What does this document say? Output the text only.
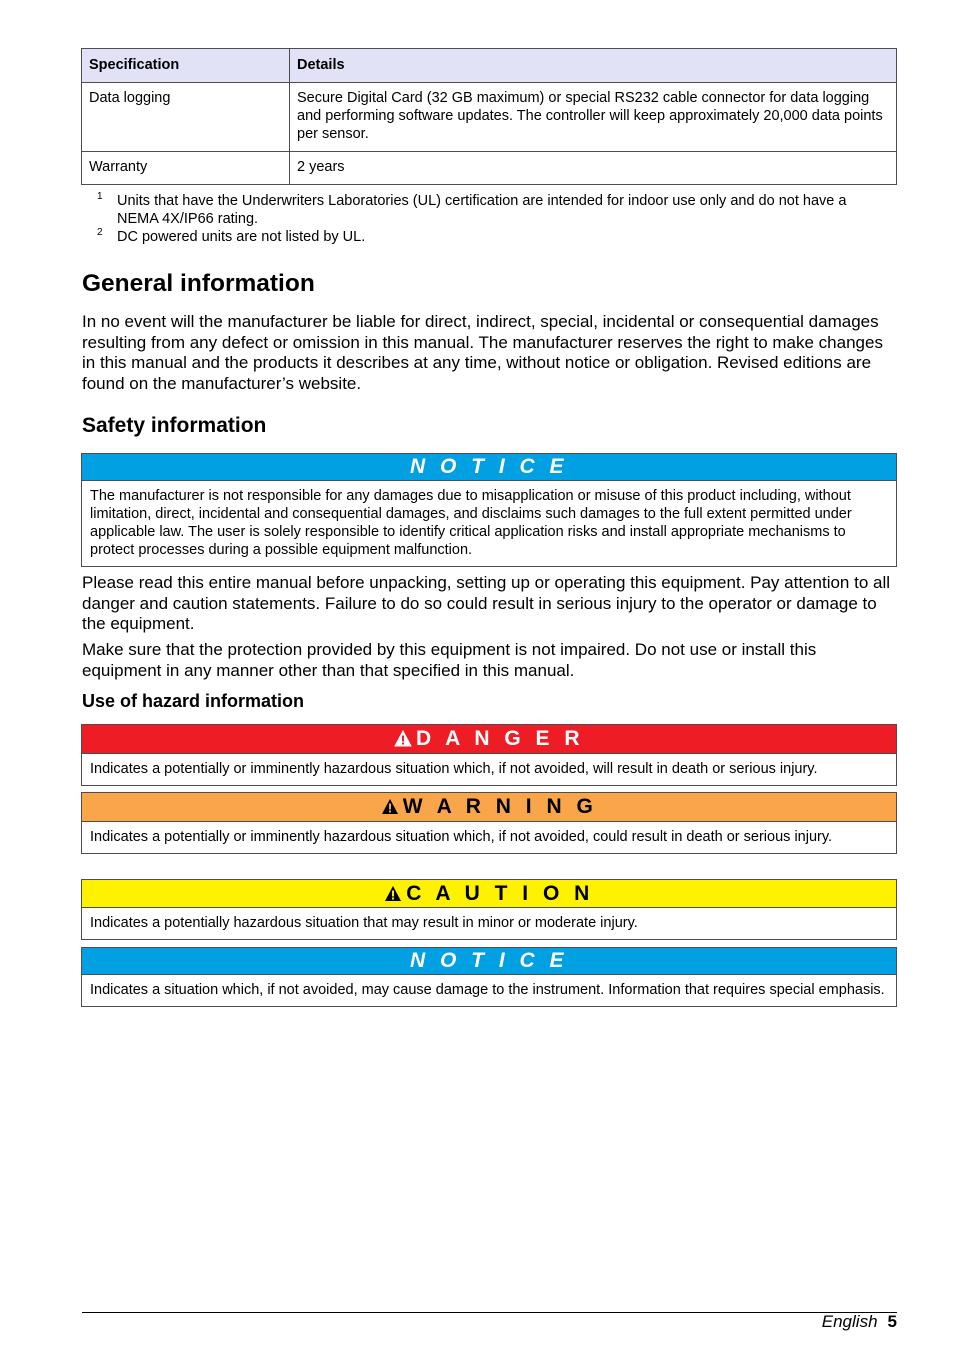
Specification	Details
Data logging	Secure Digital Card (32 GB maximum) or special RS232 cable connector for data logging and performing software updates. The controller will keep approximately 20,000 data points per sensor.
Warranty	2 years
1 Units that have the Underwriters Laboratories (UL) certification are intended for indoor use only and do not have a NEMA 4X/IP66 rating.
2 DC powered units are not listed by UL.
General information

In no event will the manufacturer be liable for direct, indirect, special, incidental or consequential damages resulting from any defect or omission in this manual. The manufacturer reserves the right to make changes in this manual and the products it describes at any time, without notice or obligation. Revised editions are found on the manufacturer’s website.

Safety information
N O T I C E
The manufacturer is not responsible for any damages due to misapplication or misuse of this product including, without limitation, direct, incidental and consequential damages, and disclaims such damages to the full extent permitted under applicable law. The user is solely responsible to identify critical application risks and install appropriate mechanisms to protect processes during a possible equipment malfunction.

Please read this entire manual before unpacking, setting up or operating this equipment. Pay attention to all danger and caution statements. Failure to do so could result in serious injury to the operator or damage to the equipment.

Make sure that the protection provided by this equipment is not impaired. Do not use or install this equipment in any manner other than that specified in this manual.

Use of hazard information
D A N G E R
Indicates a potentially or imminently hazardous situation which, if not avoided, will result in death or serious injury.
W A R N I N G
Indicates a potentially or imminently hazardous situation which, if not avoided, could result in death or serious injury.
C A U T I O N
Indicates a potentially hazardous situation that may result in minor or moderate injury.
N O T I C E
Indicates a situation which, if not avoided, may cause damage to the instrument. Information that requires special emphasis.
English 5
